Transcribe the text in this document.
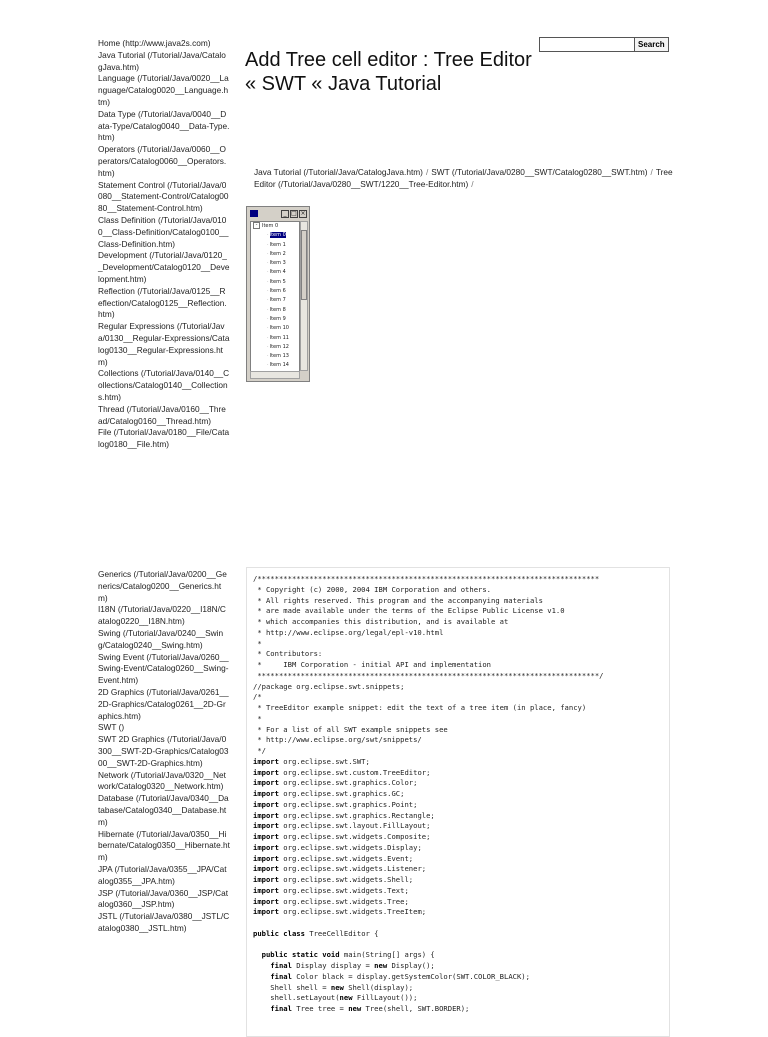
Home (http://www.java2s.com)
Java Tutorial (/Tutorial/Java/CatalogJava.htm)
Language (/Tutorial/Java/0020__Language/Catalog0020__Language.htm)
Data Type (/Tutorial/Java/0040__Data-Type/Catalog0040__Data-Type.htm)
Operators (/Tutorial/Java/0060__Operators/Catalog0060__Operators.htm)
Statement Control (/Tutorial/Java/0080__Statement-Control/Catalog0080__Statement-Control.htm)
Class Definition (/Tutorial/Java/0100__Class-Definition/Catalog0100__Class-Definition.htm)
Development (/Tutorial/Java/0120__Development/Catalog0120__Development.htm)
Reflection (/Tutorial/Java/0125__Reflection/Catalog0125__Reflection.htm)
Regular Expressions (/Tutorial/Java/0130__Regular-Expressions/Catalog0130__Regular-Expressions.htm)
Collections (/Tutorial/Java/0140__Collections/Catalog0140__Collections.htm)
Thread (/Tutorial/Java/0160__Thread/Catalog0160__Thread.htm)
File (/Tutorial/Java/0180__File/Catalog0180__File.htm)
Generics (/Tutorial/Java/0200__Generics/Catalog0200__Generics.htm)
I18N (/Tutorial/Java/0220__I18N/Catalog0220__I18N.htm)
Swing (/Tutorial/Java/0240__Swing/Catalog0240__Swing.htm)
Swing Event (/Tutorial/Java/0260__Swing-Event/Catalog0260__Swing-Event.htm)
2D Graphics (/Tutorial/Java/0261__2D-Graphics/Catalog0261__2D-Graphics.htm)
SWT ()
SWT 2D Graphics (/Tutorial/Java/0300__SWT-2D-Graphics/Catalog0300__SWT-2D-Graphics.htm)
Network (/Tutorial/Java/0320__Network/Catalog0320__Network.htm)
Database (/Tutorial/Java/0340__Database/Catalog0340__Database.htm)
Hibernate (/Tutorial/Java/0350__Hibernate/Catalog0350__Hibernate.htm)
JPA (/Tutorial/Java/0355__JPA/Catalog0355__JPA.htm)
JSP (/Tutorial/Java/0360__JSP/Catalog0360__JSP.htm)
JSTL (/Tutorial/Java/0380__JSTL/Catalog0380__JSTL.htm)
Add Tree cell editor : Tree Editor « SWT « Java Tutorial
Search
Java Tutorial (/Tutorial/Java/CatalogJava.htm) / SWT (/Tutorial/Java/0280__SWT/Catalog0280__SWT.htm) / Tree Editor (/Tutorial/Java/0280__SWT/1220__Tree-Editor.htm) /
_ □ ×
- Item 0
·Item 0
·Item 1
·Item 2
·Item 3
·Item 4
·Item 5
·Item 6
·Item 7
·Item 8
·Item 9
·Item 10
·Item 11
·Item 12
·Item 13
·Item 14
/*******************************************************************************
* Copyright (c) 2000, 2004 IBM Corporation and others.
* All rights reserved. This program and the accompanying materials
* are made available under the terms of the Eclipse Public License v1.0
* which accompanies this distribution, and is available at
* http://www.eclipse.org/legal/epl-v10.html
*
* Contributors:
*     IBM Corporation - initial API and implementation
*******************************************************************************/
//package org.eclipse.swt.snippets;
/*
* TreeEditor example snippet: edit the text of a tree item (in place, fancy)
*
* For a list of all SWT example snippets see
* http://www.eclipse.org/swt/snippets/
*/
import org.eclipse.swt.SWT;
import org.eclipse.swt.custom.TreeEditor;
import org.eclipse.swt.graphics.Color;
import org.eclipse.swt.graphics.GC;
import org.eclipse.swt.graphics.Point;
import org.eclipse.swt.graphics.Rectangle;
import org.eclipse.swt.layout.FillLayout;
import org.eclipse.swt.widgets.Composite;
import org.eclipse.swt.widgets.Display;
import org.eclipse.swt.widgets.Event;
import org.eclipse.swt.widgets.Listener;
import org.eclipse.swt.widgets.Shell;
import org.eclipse.swt.widgets.Text;
import org.eclipse.swt.widgets.Tree;
import org.eclipse.swt.widgets.TreeItem;

public class TreeCellEditor {

public static void main(String[] args) {
final Display display = new Display();
final Color black = display.getSystemColor(SWT.COLOR_BLACK);
Shell shell = new Shell(display);
shell.setLayout(new FillLayout());
final Tree tree = new Tree(shell, SWT.BORDER);
